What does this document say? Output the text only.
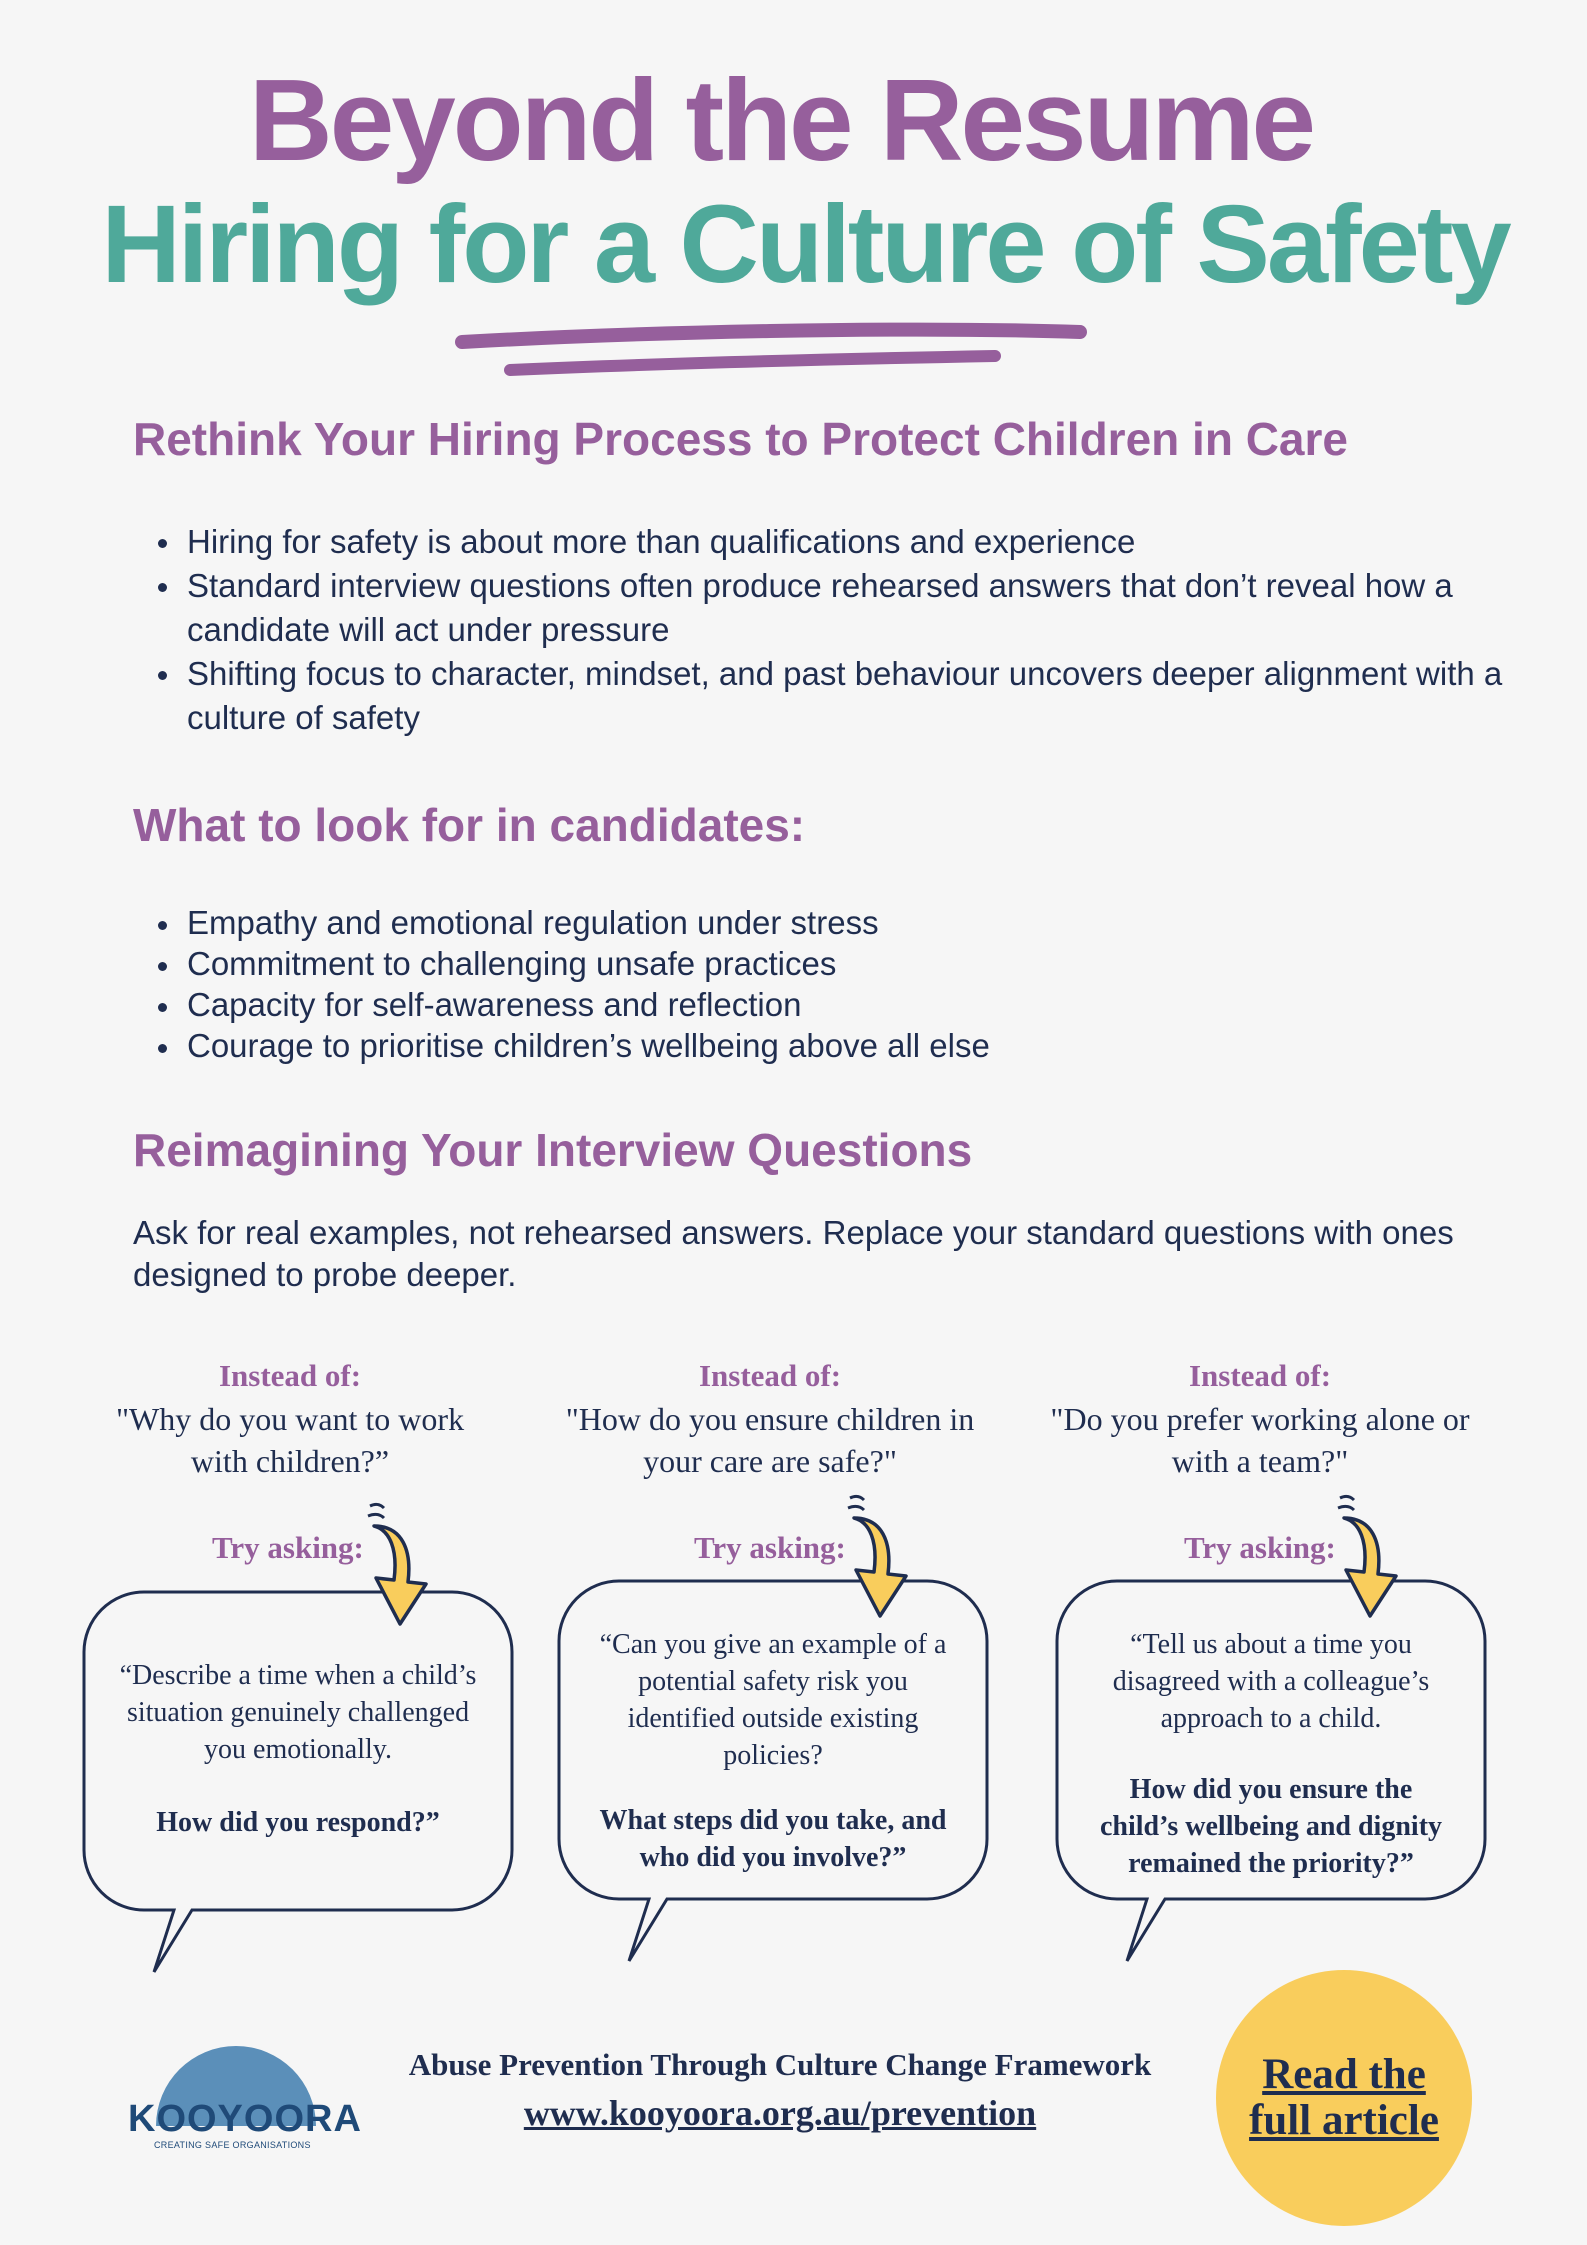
Beyond the Resume
Hiring for a Culture of Safety
Rethink Your Hiring Process to Protect Children in Care
Hiring for safety is about more than qualifications and experience
Standard interview questions often produce rehearsed answers that don’t reveal how a candidate will act under pressure
Shifting focus to character, mindset, and past behaviour uncovers deeper alignment with a culture of safety
What to look for in candidates:
Empathy and emotional regulation under stress
Commitment to challenging unsafe practices
Capacity for self-awareness and reflection
Courage to prioritise children’s wellbeing above all else
Reimagining Your Interview Questions
Ask for real examples, not rehearsed answers. Replace your standard questions with ones designed to probe deeper.
Instead of:
"Why do you want to work with children?”
Try asking:
“Describe a time when a child’s situation genuinely challenged you emotionally.
How did you respond?”
Instead of:
"How do you ensure children in your care are safe?"
Try asking:
“Can you give an example of a potential safety risk you identified outside existing policies?
What steps did you take, and who did you involve?”
Instead of:
"Do you prefer working alone or with a team?"
Try asking:
“Tell us about a time you disagreed with a colleague’s approach to a child.
How did you ensure the child’s wellbeing and dignity remained the priority?”
KOOYOORA
CREATING SAFE ORGANISATIONS
Abuse Prevention Through Culture Change Framework
www.kooyoora.org.au/prevention
Read the full article
